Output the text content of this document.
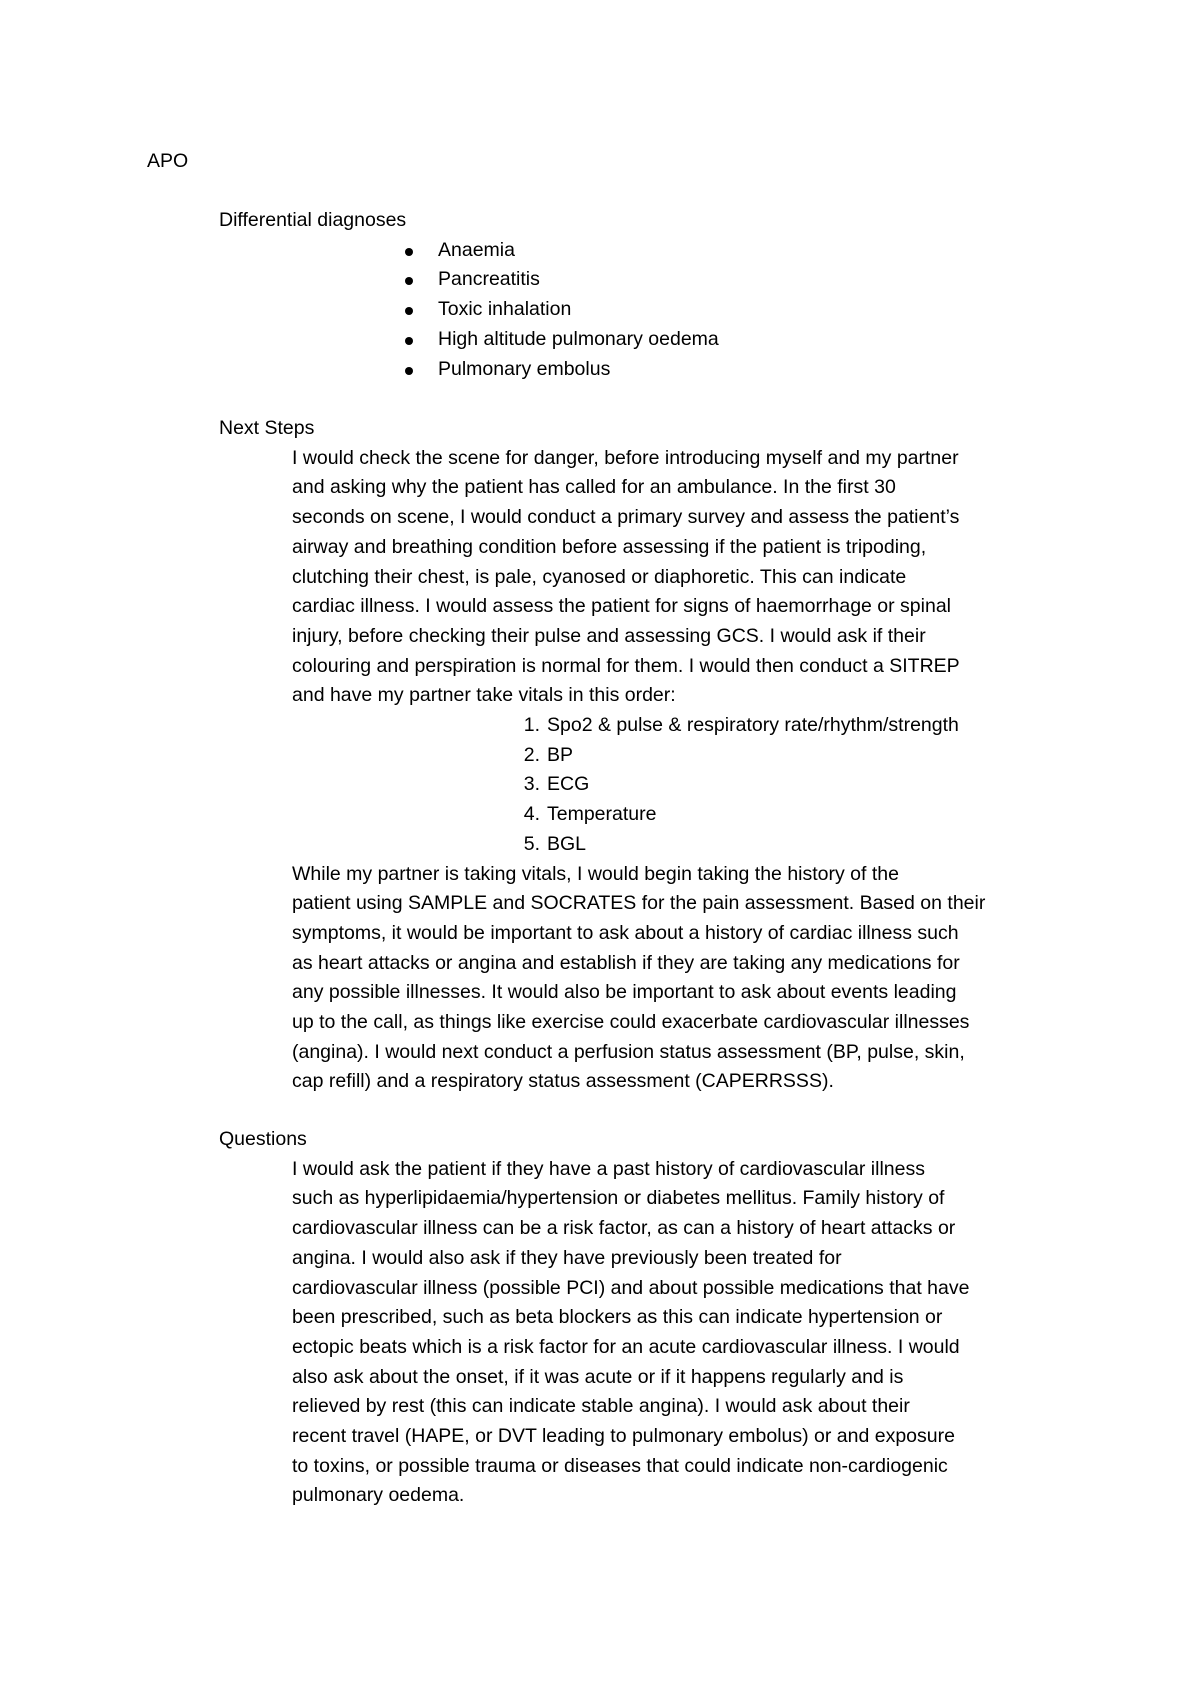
APO
Differential diagnoses
Anaemia
Pancreatitis
Toxic inhalation
High altitude pulmonary oedema
Pulmonary embolus
Next Steps
I would check the scene for danger, before introducing myself and my partner
and asking why the patient has called for an ambulance. In the first 30
seconds on scene, I would conduct a primary survey and assess the patient’s
airway and breathing condition before assessing if the patient is tripoding,
clutching their chest, is pale, cyanosed or diaphoretic. This can indicate
cardiac illness. I would assess the patient for signs of haemorrhage or spinal
injury, before checking their pulse and assessing GCS. I would ask if their
colouring and perspiration is normal for them. I would then conduct a SITREP
and have my partner take vitals in this order:
1. Spo2 & pulse & respiratory rate/rhythm/strength
2. BP
3. ECG
4. Temperature
5. BGL
While my partner is taking vitals, I would begin taking the history of the
patient using SAMPLE and SOCRATES for the pain assessment. Based on their
symptoms, it would be important to ask about a history of cardiac illness such
as heart attacks or angina and establish if they are taking any medications for
any possible illnesses. It would also be important to ask about events leading
up to the call, as things like exercise could exacerbate cardiovascular illnesses
(angina). I would next conduct a perfusion status assessment (BP, pulse, skin,
cap refill) and a respiratory status assessment (CAPERRSSS).
Questions
I would ask the patient if they have a past history of cardiovascular illness
such as hyperlipidaemia/hypertension or diabetes mellitus. Family history of
cardiovascular illness can be a risk factor, as can a history of heart attacks or
angina. I would also ask if they have previously been treated for
cardiovascular illness (possible PCI) and about possible medications that have
been prescribed, such as beta blockers as this can indicate hypertension or
ectopic beats which is a risk factor for an acute cardiovascular illness. I would
also ask about the onset, if it was acute or if it happens regularly and is
relieved by rest (this can indicate stable angina). I would ask about their
recent travel (HAPE, or DVT leading to pulmonary embolus) or and exposure
to toxins, or possible trauma or diseases that could indicate non-cardiogenic
pulmonary oedema.
